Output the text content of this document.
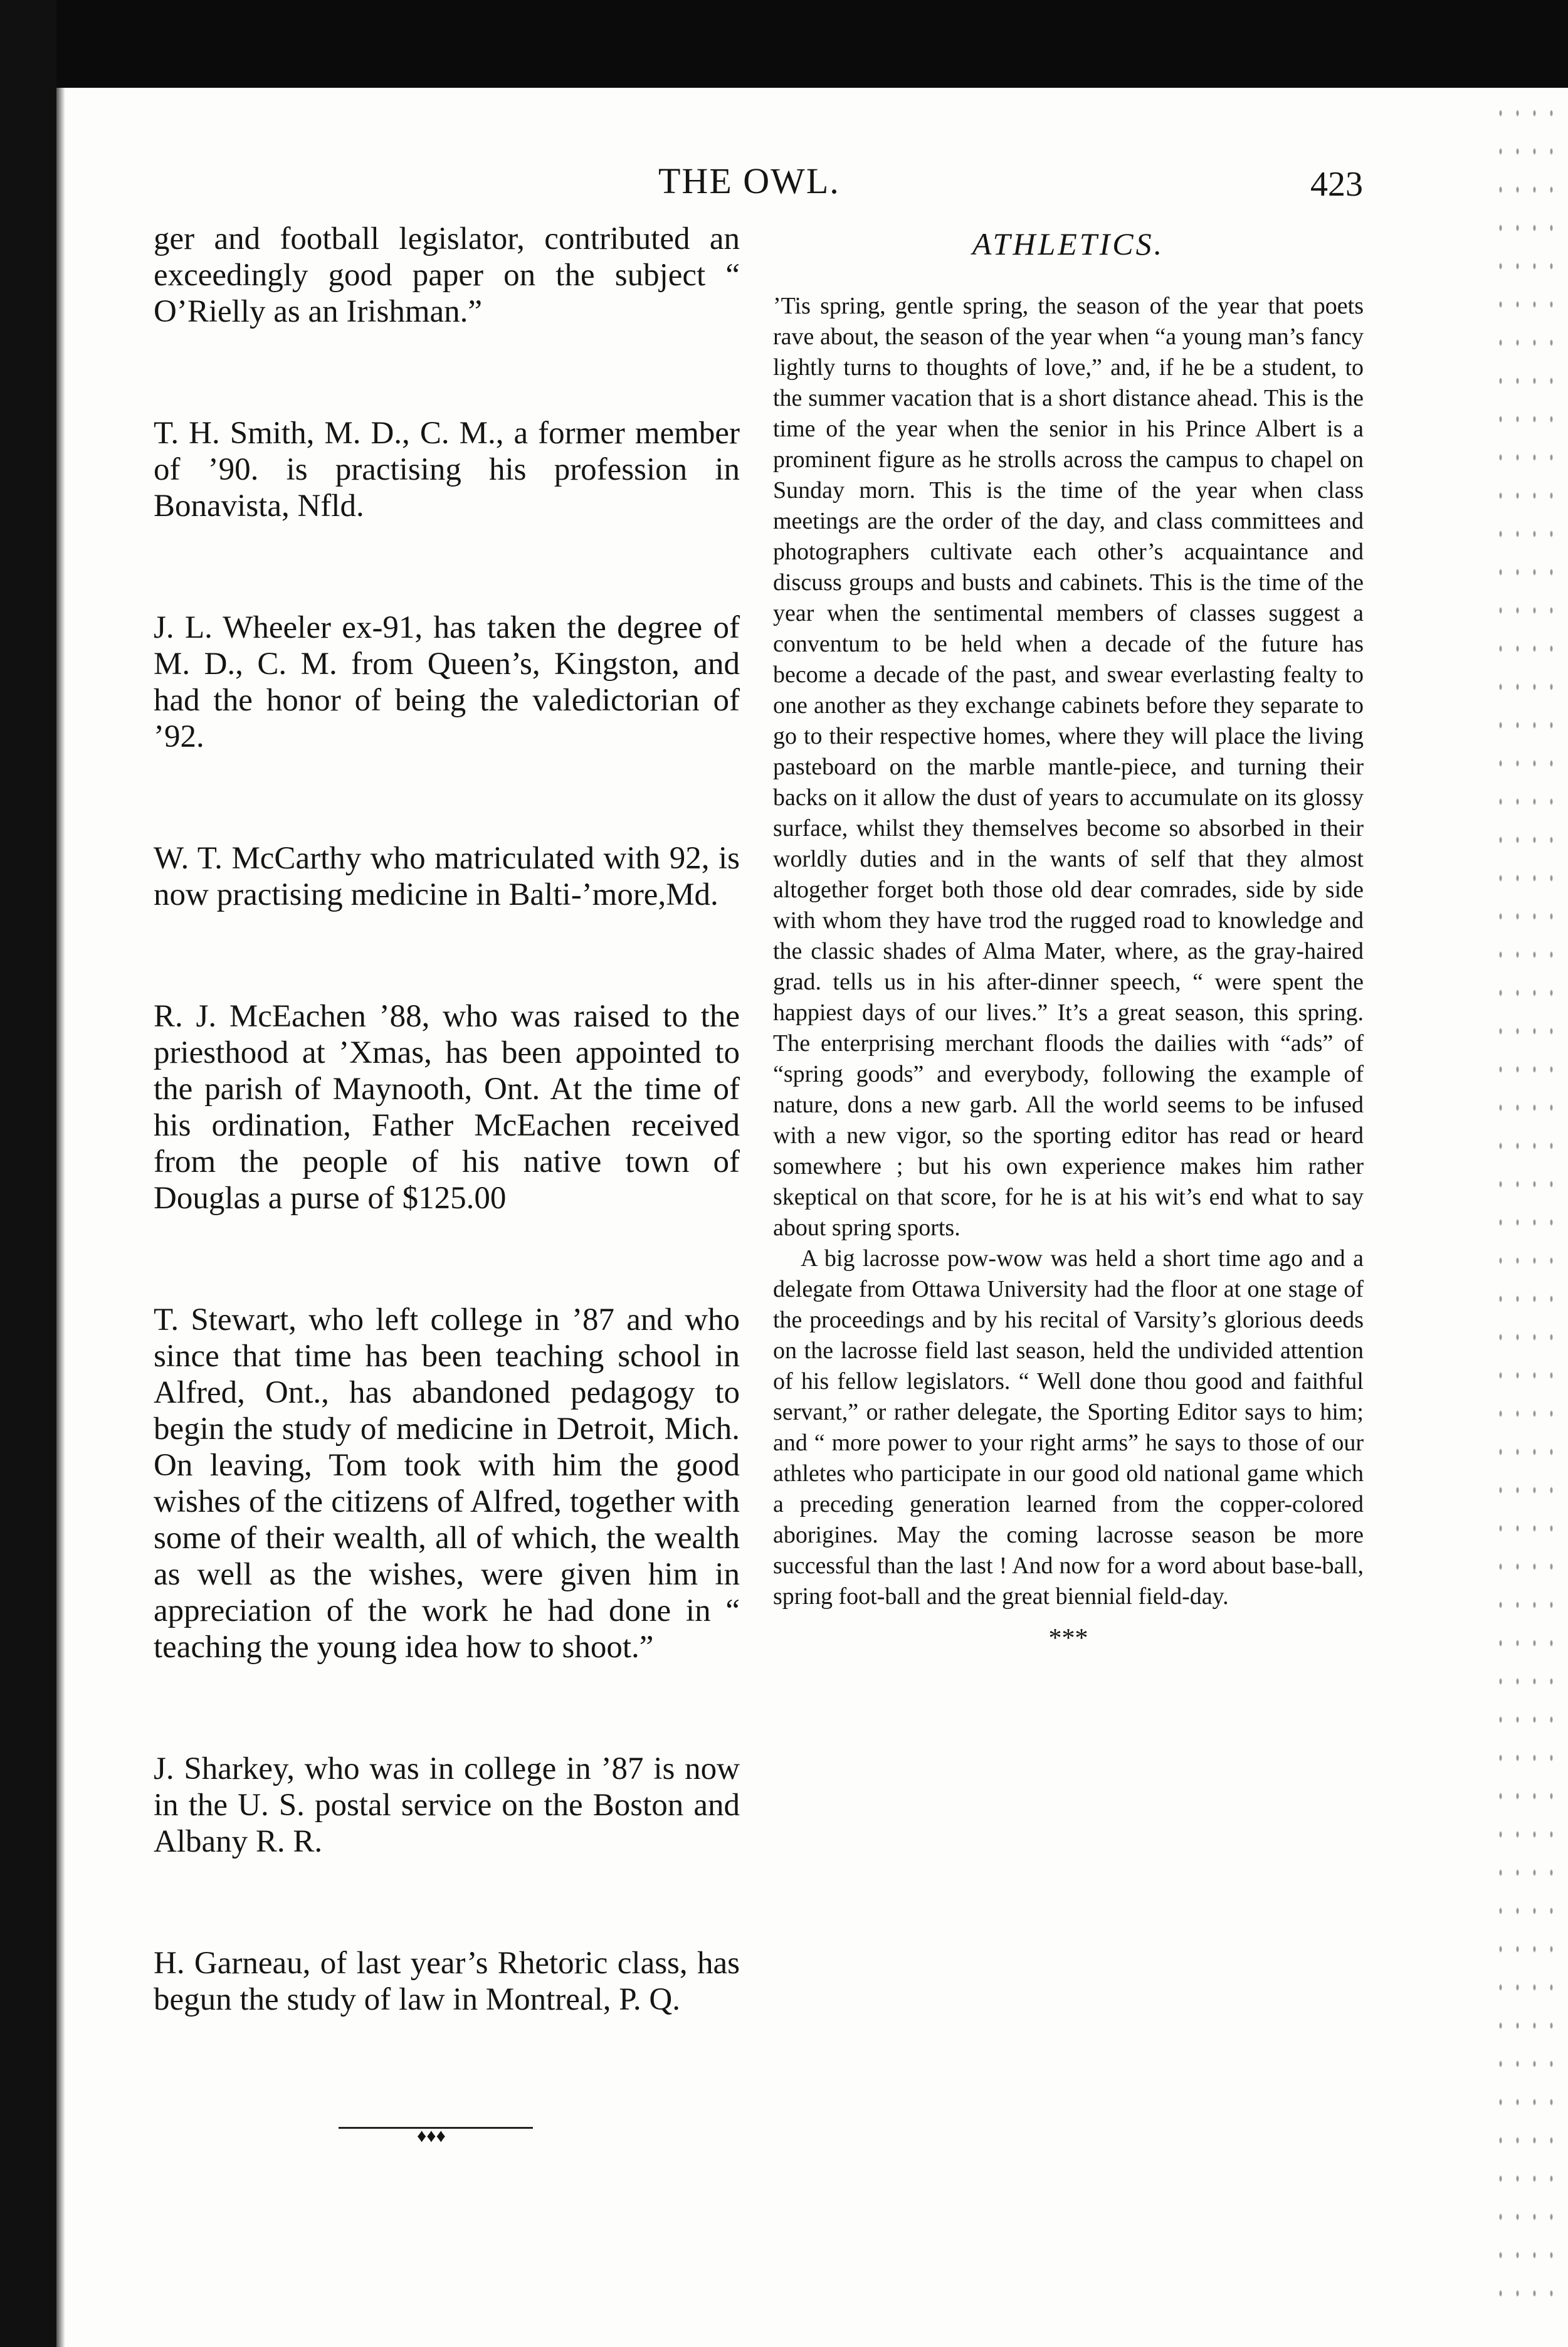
THE OWL.	423

ger and football legislator, contributed an exceedingly good paper on the subject “ O’Rielly as an Irishman.”

T. H. Smith, M. D., C. M., a former member of ’90. is practising his profession in Bonavista, Nfld.

J. L. Wheeler ex-91, has taken the degree of M. D., C. M. from Queen’s, Kingston, and had the honor of being the valedictorian of ’92.

W. T. McCarthy who matriculated with 92, is now practising medicine in Balti-’more,Md.

R. J. McEachen ’88, who was raised to the priesthood at ’Xmas, has been appointed to the parish of Maynooth, Ont. At the time of his ordination, Father McEachen received from the people of his native town of Douglas a purse of $125.00

T. Stewart, who left college in ’87 and who since that time has been teaching school in Alfred, Ont., has abandoned pedagogy to begin the study of medicine in Detroit, Mich. On leaving, Tom took with him the good wishes of the citizens of Alfred, together with some of their wealth, all of which, the wealth as well as the wishes, were given him in appreciation of the work he had done in “ teaching the young idea how to shoot.”

J. Sharkey, who was in college in ’87 is now in the U. S. postal service on the Boston and Albany R. R.

H. Garneau, of last year’s Rhetoric class, has begun the study of law in Montreal, P. Q.

♦♦♦
ATHLETICS.

’Tis spring, gentle spring, the season of the year that poets rave about, the season of the year when “a young man’s fancy lightly turns to thoughts of love,” and, if he be a student, to the summer vacation that is a short distance ahead. This is the time of the year when the senior in his Prince Albert is a prominent figure as he strolls across the campus to chapel on Sunday morn. This is the time of the year when class meetings are the order of the day, and class committees and photographers cultivate each other’s acquaintance and discuss groups and busts and cabinets. This is the time of the year when the sentimental members of classes suggest a conventum to be held when a decade of the future has become a decade of the past, and swear everlasting fealty to one another as they exchange cabinets before they separate to go to their respective homes, where they will place the living pasteboard on the marble mantle-piece, and turning their backs on it allow the dust of years to accumulate on its glossy surface, whilst they themselves become so absorbed in their worldly duties and in the wants of self that they almost altogether forget both those old dear comrades, side by side with whom they have trod the rugged road to knowledge and the classic shades of Alma Mater, where, as the gray-haired grad. tells us in his after-dinner speech, “ were spent the happiest days of our lives.” It’s a great season, this spring. The enterprising merchant floods the dailies with “ads” of “spring goods” and everybody, following the example of nature, dons a new garb. All the world seems to be infused with a new vigor, so the sporting editor has read or heard somewhere ; but his own experience makes him rather skeptical on that score, for he is at his wit’s end what to say about spring sports.

A big lacrosse pow-wow was held a short time ago and a delegate from Ottawa University had the floor at one stage of the proceedings and by his recital of Varsity’s glorious deeds on the lacrosse field last season, held the undivided attention of his fellow legislators. “ Well done thou good and faithful servant,” or rather delegate, the Sporting Editor says to him; and “ more power to your right arms” he says to those of our athletes who participate in our good old national game which a preceding generation learned from the copper-colored aborigines. May the coming lacrosse season be more successful than the last ! And now for a word about base-ball, spring foot-ball and the great biennial field-day.

***
